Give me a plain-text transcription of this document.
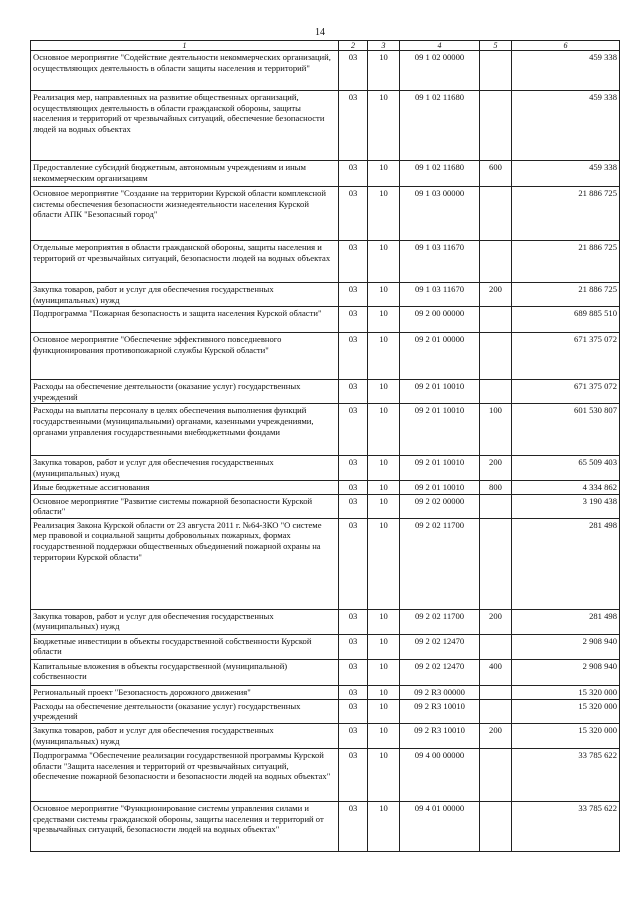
14
1	2	3	4	5	6
Основное мероприятие "Содействие деятельности некоммерческих организаций, осуществляющих деятельность в области защиты населения и территорий"	03	10	09 1 02 00000		459 338
Реализация мер, направленных на развитие общественных организаций, осуществляющих деятельность в области гражданской обороны, защиты населения и территорий от чрезвычайных ситуаций, обеспечение безопасности людей на водных объектах	03	10	09 1 02 11680		459 338
Предоставление субсидий бюджетным, автономным учреждениям и иным некоммерческим организациям	03	10	09 1 02 11680	600	459 338
Основное мероприятие "Создание на территории Курской области комплексной системы обеспечения безопасности жизнедеятельности населения Курской области АПК "Безопасный город"	03	10	09 1 03 00000		21 886 725
Отдельные мероприятия в области гражданской обороны, защиты населения и территорий от чрезвычайных ситуаций, безопасности людей на водных объектах	03	10	09 1 03 11670		21 886 725
Закупка товаров, работ и услуг для обеспечения государственных (муниципальных) нужд	03	10	09 1 03 11670	200	21 886 725
Подпрограмма "Пожарная безопасность и защита населения Курской области"	03	10	09 2 00 00000		689 885 510
Основное мероприятие "Обеспечение эффективного повседневного функционирования противопожарной службы Курской области"	03	10	09 2 01 00000		671 375 072
Расходы на обеспечение деятельности (оказание услуг) государственных учреждений	03	10	09 2 01 10010		671 375 072
Расходы на выплаты персоналу в целях обеспечения выполнения функций государственными (муниципальными) органами, казенными учреждениями, органами управления государственными внебюджетными фондами	03	10	09 2 01 10010	100	601 530 807
Закупка товаров, работ и услуг для обеспечения государственных (муниципальных) нужд	03	10	09 2 01 10010	200	65 509 403
Иные бюджетные ассигнования	03	10	09 2 01 10010	800	4 334 862
Основное мероприятие "Развитие системы пожарной безопасности Курской области"	03	10	09 2 02 00000		3 190 438
Реализация Закона Курской области от 23 августа 2011 г. №64-ЗКО "О системе мер правовой и социальной защиты добровольных пожарных, формах государственной поддержки общественных объединений пожарной охраны на территории Курской области"	03	10	09 2 02 11700		281 498
Закупка товаров, работ и услуг для обеспечения государственных (муниципальных) нужд	03	10	09 2 02 11700	200	281 498
Бюджетные инвестиции в объекты государственной собственности Курской области	03	10	09 2 02 12470		2 908 940
Капитальные вложения в объекты государственной (муниципальной) собственности	03	10	09 2 02 12470	400	2 908 940
Региональный проект "Безопасность дорожного движения"	03	10	09 2 R3 00000		15 320 000
Расходы на обеспечение деятельности (оказание услуг) государственных учреждений	03	10	09 2 R3 10010		15 320 000
Закупка товаров, работ и услуг для обеспечения государственных (муниципальных) нужд	03	10	09 2 R3 10010	200	15 320 000
Подпрограмма "Обеспечение реализации государственной программы Курской области "Защита населения и территорий от чрезвычайных ситуаций, обеспечение пожарной безопасности и безопасности людей на водных объектах"	03	10	09 4 00 00000		33 785 622
Основное мероприятие "Функционирование системы управления силами и средствами системы гражданской обороны, защиты населения и территорий от чрезвычайных ситуаций, безопасности людей на водных объектах"	03	10	09 4 01 00000		33 785 622
